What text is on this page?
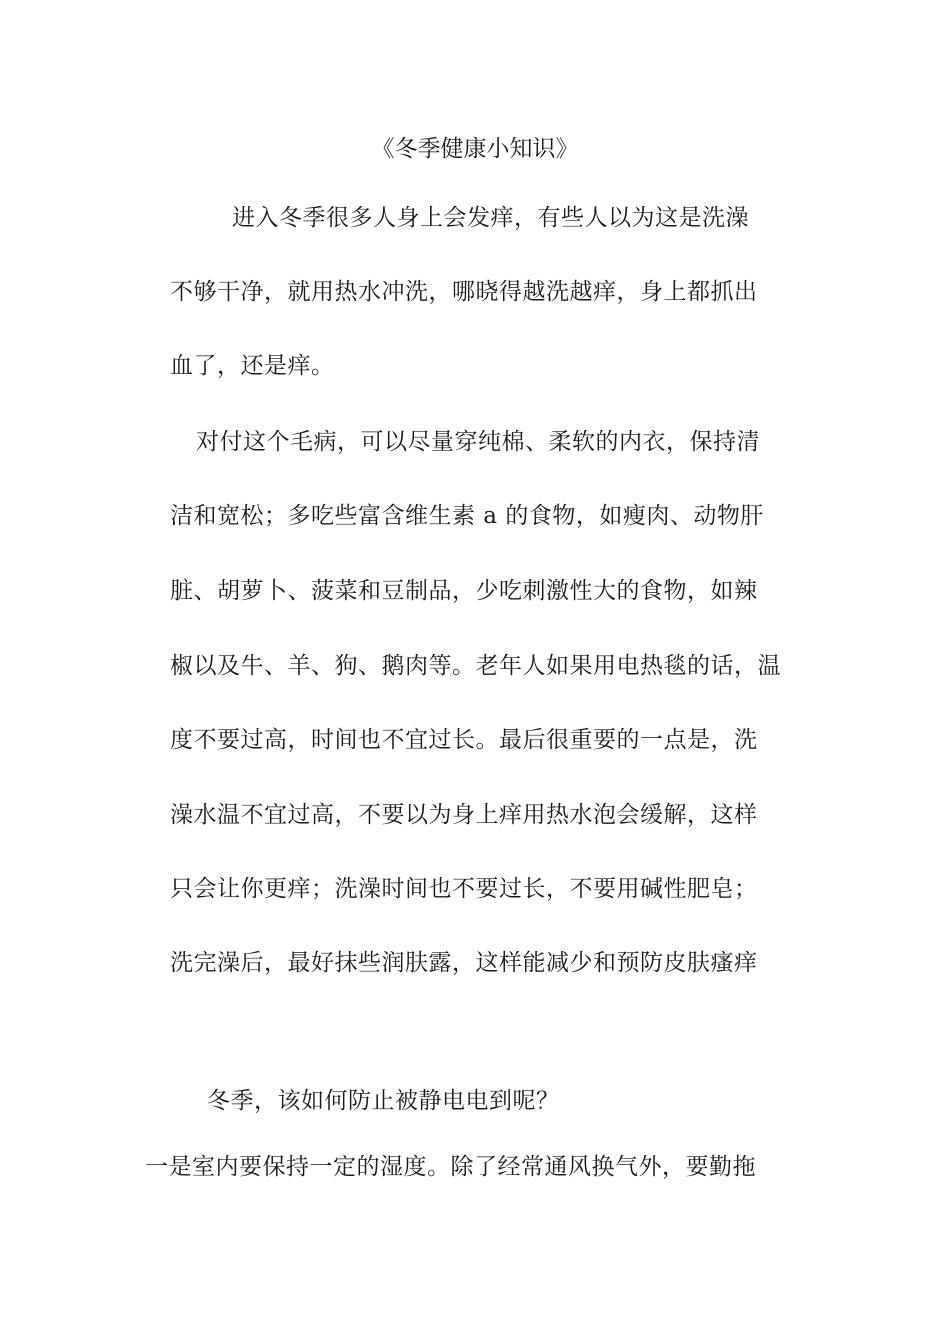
《冬季健康小知识》
进入冬季很多人身上会发痒，有些人以为这是洗澡
不够干净，就用热水冲洗，哪晓得越洗越痒，身上都抓出
血了，还是痒。
对付这个毛病，可以尽量穿纯棉、柔软的内衣，保持清
洁和宽松；多吃些富含维生素 a 的食物，如瘦肉、动物肝
脏、胡萝卜、菠菜和豆制品，少吃刺激性大的食物，如辣
椒以及牛、羊、狗、鹅肉等。老年人如果用电热毯的话，温
度不要过高，时间也不宜过长。最后很重要的一点是，洗
澡水温不宜过高，不要以为身上痒用热水泡会缓解，这样
只会让你更痒；洗澡时间也不要过长，不要用碱性肥皂；
洗完澡后，最好抹些润肤露，这样能减少和预防皮肤瘙痒
冬季，该如何防止被静电电到呢？
一是室内要保持一定的湿度。除了经常通风换气外，要勤拖
